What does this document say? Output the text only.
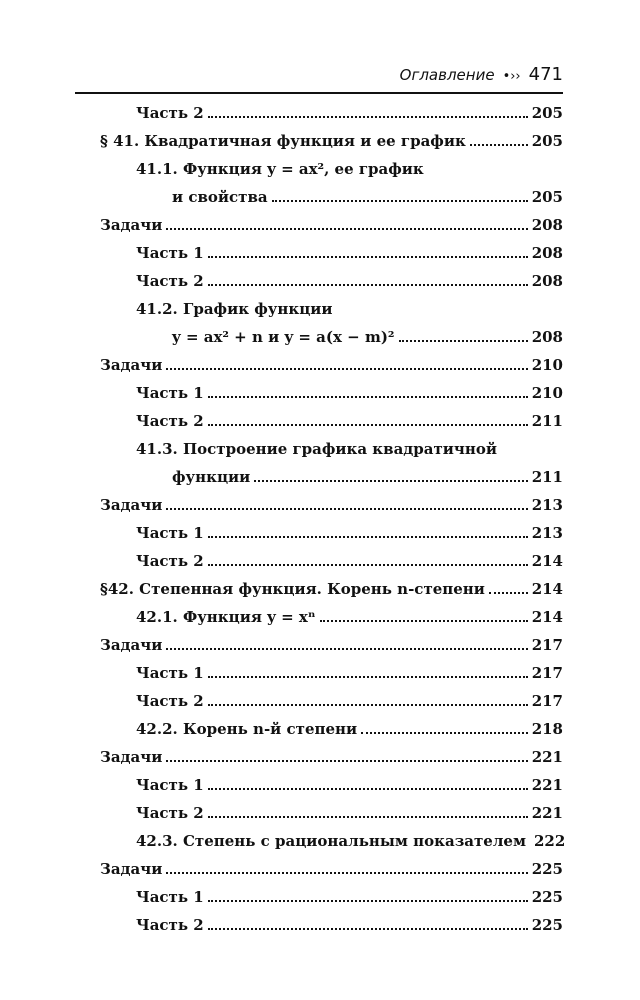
Оглавление •›› 471
Часть 2	205
§ 41. Квадратичная функция и ее график	205
41.1. Функция y = ax², ее график
и свойства	205
Задачи	208
Часть 1	208
Часть 2	208
41.2. График функции
y = ax² + n и y = a(x − m)²	208
Задачи	210
Часть 1	210
Часть 2	211
41.3. Построение графика квадратичной
функции	211
Задачи	213
Часть 1	213
Часть 2	214
§42. Степенная функция. Корень n-степени	214
42.1. Функция y = xⁿ	214
Задачи	217
Часть 1	217
Часть 2	217
42.2. Корень n-й степени	218
Задачи	221
Часть 1	221
Часть 2	221
42.3. Степень с рациональным показателем 222
Задачи	225
Часть 1	225
Часть 2	225
